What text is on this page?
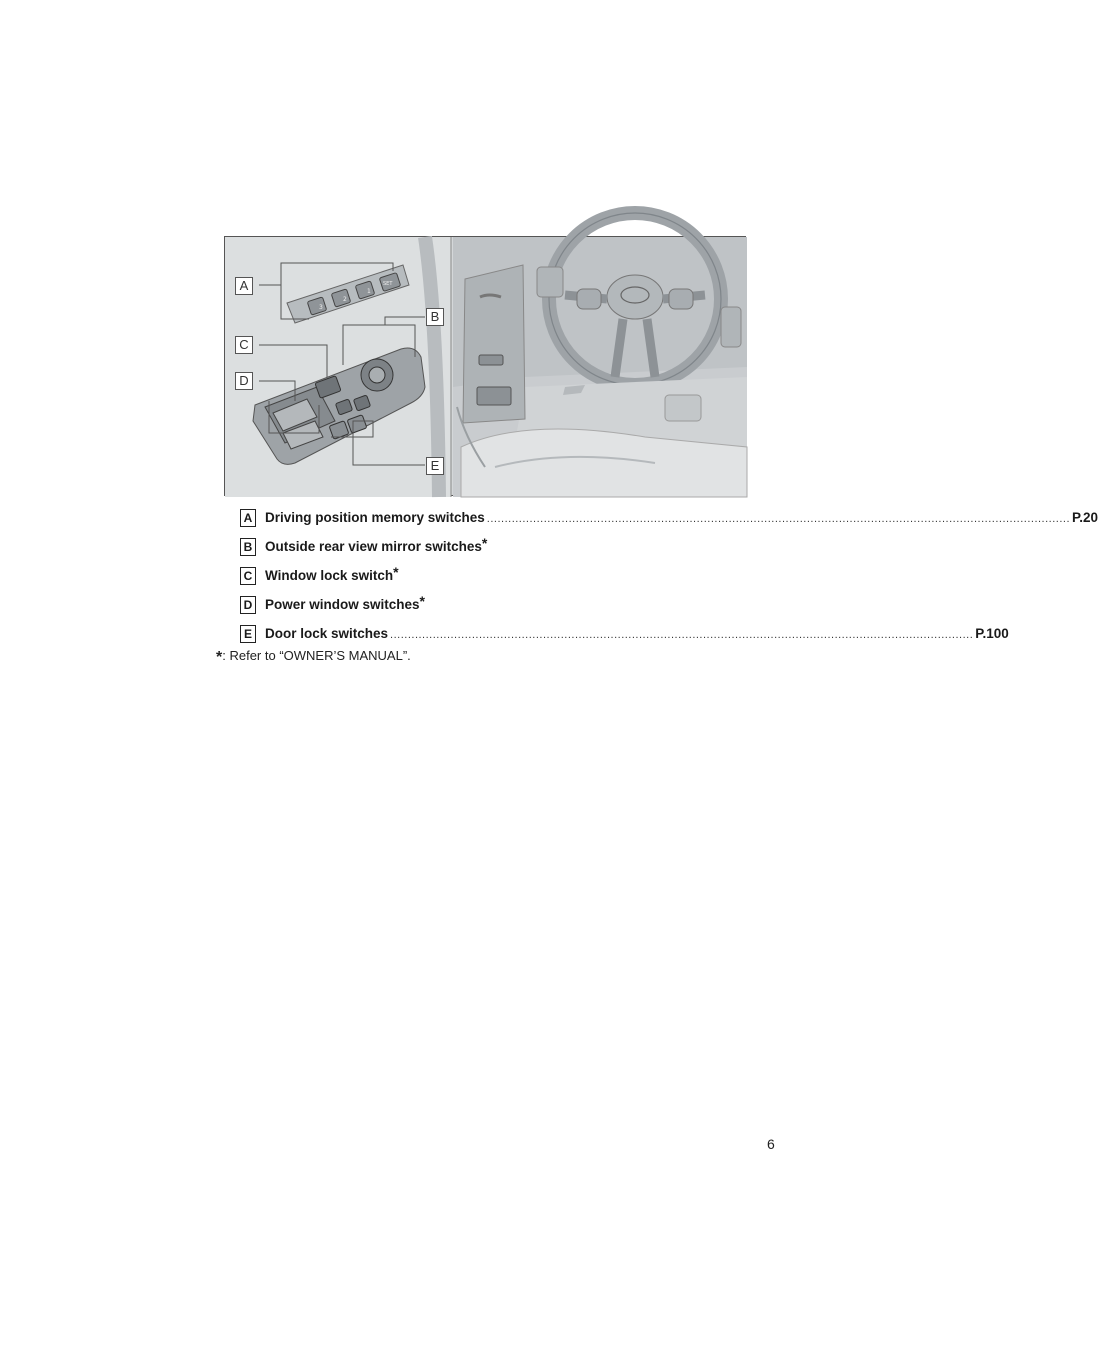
3
2
1
SET
A
B
C
D
E
A Driving position memory switches .................................................................................................................................................................... P.20
B Outside rear view mirror switches*
C Window lock switch*
D Power window switches*
E Door lock switches .................................................................................................................................................................... P.100
*: Refer to “OWNER’S MANUAL”.
6
